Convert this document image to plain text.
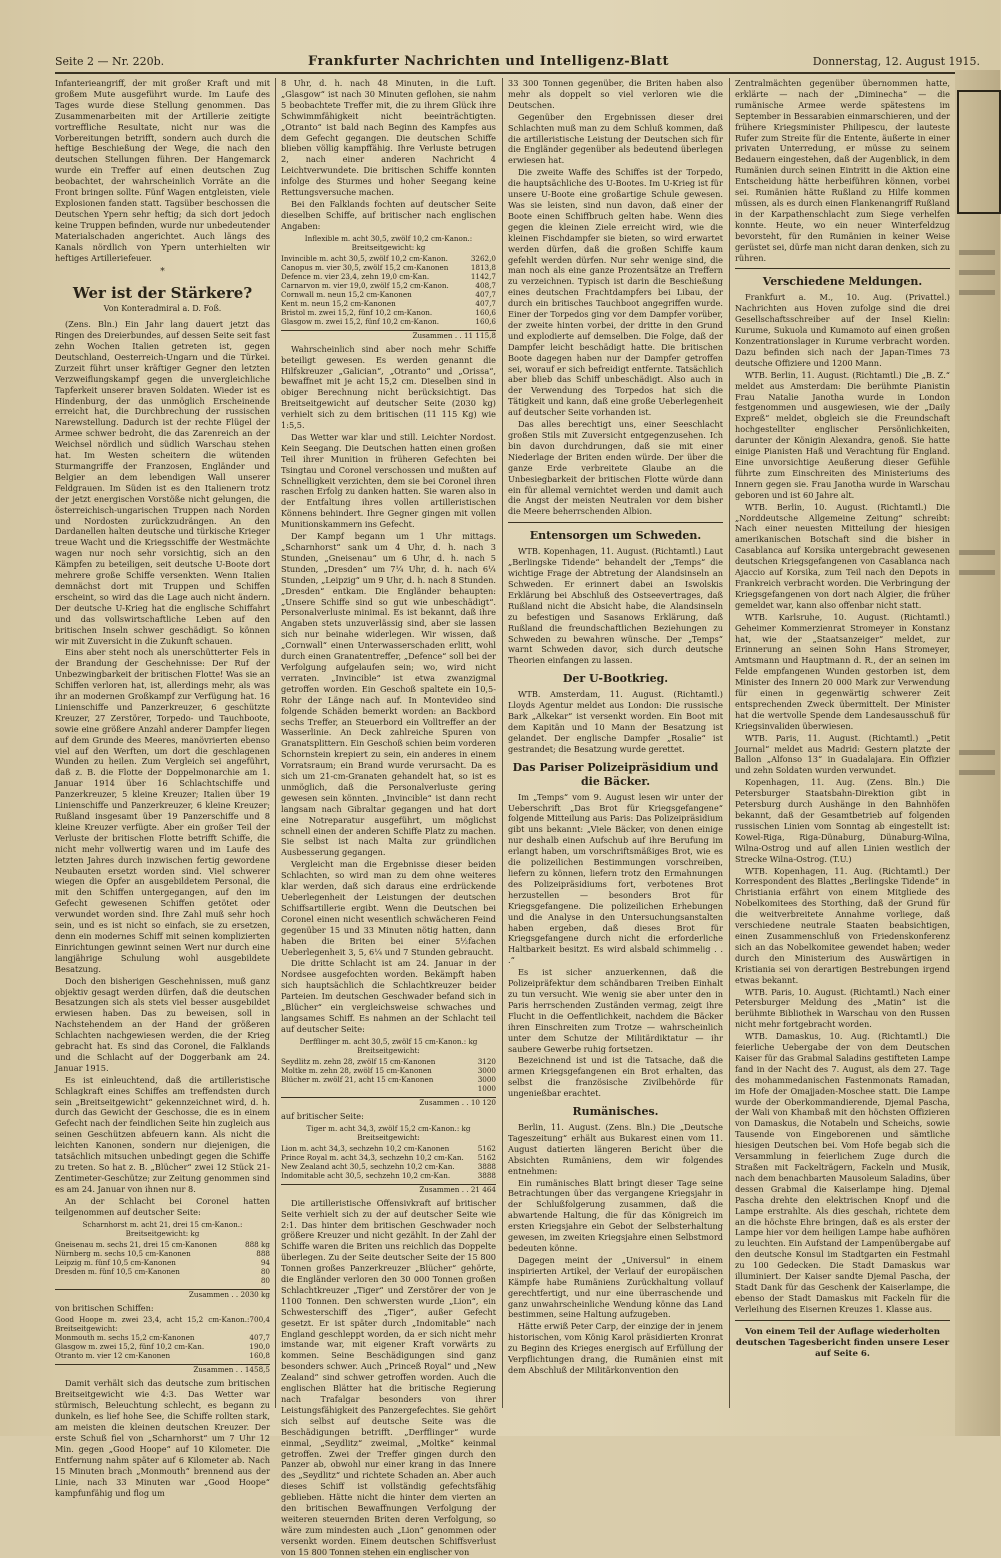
Seite 2 — Nr. 220b.	Frankfurter Nachrichten und Intelligenz-Blatt	Donnerstag, 12. August 1915.

Infanterieangriff, der mit großer Kraft und mit großem Mute ausgeführt wurde. Im Laufe des Tages wurde diese Stellung genommen. Das Zusammenarbeiten mit der Artillerie zeitigte vortreffliche Resultate, nicht nur was die Vorbereitungen betrifft, sondern auch durch die heftige Beschießung der Wege, die nach den deutschen Stellungen führen. Der Hangemarck wurde ein Treffer auf einen deutschen Zug beobachtet, der wahrscheinlich Vorräte an die Front bringen sollte. Fünf Wagen entgleisten, viele Explosionen fanden statt. Tagsüber beschossen die Deutschen Ypern sehr heftig; da sich dort jedoch keine Truppen befinden, wurde nur unbedeutender Materialschaden angerichtet. Auch längs des Kanals nördlich von Ypern unterhielten wir heftiges Artilleriefeuer.

*
Wer ist der Stärkere?
Von Konteradmiral a. D. Foß.

(Zens. Bln.) Ein Jahr lang dauert jetzt das Ringen des Dreierbundes, auf dessen Seite seit fast zehn Wochen Italien getreten ist, gegen Deutschland, Oesterreich-Ungarn und die Türkei. Zurzeit führt unser kräftiger Gegner den letzten Verzweiflungskampf gegen die unvergleichliche Tapferkeit unserer braven Soldaten. Wieder ist es Hindenburg, der das unmöglich Erscheinende erreicht hat, die Durchbrechung der russischen Narewstellung. Dadurch ist der rechte Flügel der Armee schwer bedroht, die das Zarenreich an der Weichsel nördlich und südlich Warschau stehen hat. Im Westen scheitern die wütenden Sturmangriffe der Franzosen, Engländer und Belgier an dem lebendigen Wall unserer Feldgrauen. Im Süden ist es den Italienern trotz der jetzt energischen Vorstöße nicht gelungen, die österreichisch-ungarischen Truppen nach Norden und Nordosten zurückzudrängen. An den Dardanellen halten deutsche und türkische Krieger treue Wacht und die Kriegsschiffe der Westmächte wagen nur noch sehr vorsichtig, sich an den Kämpfen zu beteiligen, seit deutsche U-Boote dort mehrere große Schiffe versenkten. Wenn Italien demnächst dort mit Truppen und Schiffen erscheint, so wird das die Lage auch nicht ändern. Der deutsche U-Krieg hat die englische Schiffahrt und das vollswirtschaftliche Leben auf den britischen Inseln schwer geschädigt. So können wir mit Zuversicht in die Zukunft schauen.

Eins aber steht noch als unerschütterter Fels in der Brandung der Geschehnisse: Der Ruf der Unbezwingbarkeit der britischen Flotte! Was sie an Schiffen verloren hat, ist, allerdings mehr, als was ihr an modernen Großkampf zur Verfügung hat. 16 Linienschiffe und Panzerkreuzer, 6 geschützte Kreuzer, 27 Zerstörer, Torpedo- und Tauchboote, sowie eine größere Anzahl anderer Dampfer liegen auf dem Grunde des Meeres, manövrierten ebenso viel auf den Werften, um dort die geschlagenen Wunden zu heilen. Zum Vergleich sei angeführt, daß z. B. die Flotte der Doppelmonarchie am 1. Januar 1914 über 16 Schlachtschiffe und Panzerkreuzer, 5 kleine Kreuzer; Italien über 19 Linienschiffe und Panzerkreuzer, 6 kleine Kreuzer; Rußland insgesamt über 19 Panzerschiffe und 8 kleine Kreuzer verfügte. Aber ein großer Teil der Verluste der britischen Flotte betrifft Schiffe, die nicht mehr vollwertig waren und im Laufe des letzten Jahres durch inzwischen fertig gewordene Neubauten ersetzt worden sind. Viel schwerer wiegen die Opfer an ausgebildetem Personal, die mit den Schiffen untergegangen, auf den im Gefecht gewesenen Schiffen getötet oder verwundet worden sind. Ihre Zahl muß sehr hoch sein, und es ist nicht so einfach, sie zu ersetzen, denn ein modernes Schiff mit seinen komplizierten Einrichtungen gewinnt seinen Wert nur durch eine langjährige Schulung wohl ausgebildete Besatzung.

Doch den bisherigen Geschehnissen, muß ganz objektiv gesagt werden dürfen, daß die deutschen Besatzungen sich als stets viel besser ausgebildet erwiesen haben. Das zu beweisen, soll in Nachstehendem an der Hand der größeren Schlachten nachgewiesen werden, die der Krieg gebracht hat. Es sind das Coronel, die Falklands und die Schlacht auf der Doggerbank am 24. Januar 1915.

Es ist einleuchtend, daß die artilleristische Schlagkraft eines Schiffes am treffendsten durch sein „Breitseitgewicht“ gekennzeichnet wird, d. h. durch das Gewicht der Geschosse, die es in einem Gefecht nach der feindlichen Seite hin zugleich aus seinen Geschützen abfeuern kann. Als nicht die leichten Kanonen, sondern nur diejenigen, die tatsächlich mitsuchen unbedingt gegen die Schiffe zu treten. So hat z. B. „Blücher“ zwei 12 Stück 21-Zentimeter-Geschütze; zur Zeitung genommen sind es am 24. Januar von ihnen nur 8.

An der Schlacht bei Coronel hatten teilgenommen auf deutscher Seite:

Scharnhorst m. acht 21, drei 15 cm-Kanon.: Breitseitgewicht: kg
Gneisenau m. sechs 21, drei 15 cm-Kanonen	888 kg
Nürnberg m. sechs 10,5 cm-Kanonen	888
Leipzig m. fünf 10,5 cm-Kanonen	94
Dresden m. fünf 10,5 cm-Kanonen	80
	80
Zusammen . . 2030 kg

von britischen Schiffen:

Good Hoope m. zwei 23,4, acht 15,2 cm-Kanon.: Breitseitgewicht:	700,4
Monmouth m. sechs 15,2 cm-Kanonen	407,7
Glasgow m. zwei 15,2, fünf 10,2 cm-Kan.	190,0
Otranto m. vier 12 cm-Kanonen	160,8
Zusammen . . 1458,5

Damit verhält sich das deutsche zum britischen Breitseitgewicht wie 4:3. Das Wetter war stürmisch, Beleuchtung schlecht, es begann zu dunkeln, es lief hohe See, die Schiffe rollten stark, am meisten die kleinen deutschen Kreuzer. Der erste Schuß fiel von „Scharnhorst“ um 7 Uhr 12 Min. gegen „Good Hoope“ auf 10 Kilometer. Die Entfernung nahm später auf 6 Kilometer ab. Nach 15 Minuten brach „Monmouth“ brennend aus der Linie, nach 33 Minuten war „Good Hoope“ kampfunfähig und flog um

8 Uhr, d. h. nach 48 Minuten, in die Luft. „Glasgow“ ist nach 30 Minuten geflohen, sie nahm 5 beobachtete Treffer mit, die zu ihrem Glück ihre Schwimmfähigkeit nicht beeinträchtigten. „Otranto“ ist bald nach Beginn des Kampfes aus dem Gefecht gegangen. Die deutschen Schiffe blieben völlig kampffähig. Ihre Verluste betrugen 2, nach einer anderen Nachricht 4 Leichtverwundete. Die britischen Schiffe konnten infolge des Sturmes und hoher Seegang keine Rettungsversuche machen.

Bei den Falklands fochten auf deutscher Seite dieselben Schiffe, auf britischer nach englischen Angaben:

Inflexible m. acht 30,5, zwölf 10,2 cm-Kanon.: Breitseitgewicht: kg
Invincible m. acht 30,5, zwölf 10,2 cm-Kanon.	3262,0
Canopus m. vier 30,5, zwölf 15,2 cm-Kanonen	1813,8
Defence m. vier 23,4, zehn 19,0 cm-Kan.	1142,7
Carnarvon m. vier 19,0, zwölf 15,2 cm-Kanon.	408,7
Cornwall m. neun 15,2 cm-Kanonen	407,7
Kent m. neun 15,2 cm-Kanonen	407,7
Bristol m. zwei 15,2, fünf 10,2 cm-Kanon.	160,6
Glasgow m. zwei 15,2, fünf 10,2 cm-Kanon.	160,6
Zusammen . . 11 115,8

Wahrscheinlich sind aber noch mehr Schiffe beteiligt gewesen. Es werden genannt die Hilfskreuzer „Galician“, „Otranto“ und „Orissa“, bewaffnet mit je acht 15,2 cm. Dieselben sind in obiger Berechnung nicht berücksichtigt. Das Breitseitgewicht auf deutscher Seite (2030 kg) verhielt sich zu dem britischen (11 115 Kg) wie 1:5,5.

Das Wetter war klar und still. Leichter Nordost. Kein Seegang. Die Deutschen hatten einen großen Teil ihrer Munition in früheren Gefechten bei Tsingtau und Coronel verschossen und mußten auf Schnelligkeit verzichten, dem sie bei Coronel ihren raschen Erfolg zu danken hatten. Sie waren also in der Entfaltung ihres vollen artilleristischen Könnens behindert. Ihre Gegner gingen mit vollen Munitionskammern ins Gefecht.

Der Kampf begann um 1 Uhr mittags. „Scharnhorst“ sank um 4 Uhr, d. h. nach 3 Stunden, „Gneisenau“ um 6 Uhr, d. h. nach 5 Stunden, „Dresden“ um 7¼ Uhr, d. h. nach 6¼ Stunden, „Leipzig“ um 9 Uhr, d. h. nach 8 Stunden. „Dresden“ entkam. Die Engländer behaupten: „Unsere Schiffe sind so gut wie unbeschädigt“. Personalverluste minimal. Es ist bekannt, daß ihre Angaben stets unzuverlässig sind, aber sie lassen sich nur beinahe widerlegen. Wir wissen, daß „Cornwall“ einen Unterwasserschaden erlitt, wohl durch einen Granatentreffer, „Defence“ soll bei der Verfolgung aufgelaufen sein; wo, wird nicht verraten. „Invincible“ ist etwa zwanzigmal getroffen worden. Ein Geschoß spaltete ein 10,5-Rohr der Länge nach auf. In Montevideo sind folgende Schäden bemerkt worden: an Backbord sechs Treffer, an Steuerbord ein Volltreffer an der Wasserlinie. An Deck zahlreiche Spuren von Granatsplittern. Ein Geschoß schien beim vorderen Schornstein krepiert zu sein, ein anderes in einem Vorratsraum; ein Brand wurde verursacht. Da es sich um 21-cm-Granaten gehandelt hat, so ist es unmöglich, daß die Personalverluste gering gewesen sein könnten. „Invincible“ ist dann recht langsam nach Gibraltar gegangen und hat dort eine Notreparatur ausgeführt, um möglichst schnell einen der anderen Schiffe Platz zu machen. Sie selbst ist nach Malta zur gründlichen Ausbesserung gegangen.

Vergleicht man die Ergebnisse dieser beiden Schlachten, so wird man zu dem ohne weiteres klar werden, daß sich daraus eine erdrückende Ueberlegenheit der Leistungen der deutschen Schiffsartillerie ergibt. Wenn die Deutschen bei Coronel einen nicht wesentlich schwächeren Feind gegenüber 15 und 33 Minuten nötig hatten, dann haben die Briten bei einer 5½fachen Ueberlegenheit 3, 5, 6¼ und 7 Stunden gebraucht.

Die dritte Schlacht ist am 24. Januar in der Nordsee ausgefochten worden. Bekämpft haben sich hauptsächlich die Schlachtkreuzer beider Parteien. Im deutschen Geschwader befand sich in „Blücher“ ein vergleichsweise schwaches und langsames Schiff. Es nahmen an der Schlacht teil auf deutscher Seite:

Derfflinger m. acht 30,5, zwölf 15 cm-Kanon.: kg Breitseitgewicht:
Seydlitz m. zehn 28, zwölf 15 cm-Kanonen	3120
Moltke m. zehn 28, zwölf 15 cm-Kanonen	3000
Blücher m. zwölf 21, acht 15 cm-Kanonen	3000
	1000
Zusammen . . 10 120

auf britischer Seite:

Tiger m. acht 34,3, zwölf 15,2 cm-Kanon.: kg Breitseitgewicht:
Lion m. acht 34,3, sechzehn 10,2 cm-Kanonen	5162
Prince Royal m. acht 34,3, sechzehn 10,2 cm-Kan.	5162
New Zealand acht 30,5, sechzehn 10,2 cm-Kan.	3888
Indomitable acht 30,5, sechzehn 10,2 cm-Kan.	3888
Zusammen . . 21 464

Die artilleristische Offensivkraft auf britischer Seite verhielt sich zu der auf deutscher Seite wie 2:1. Das hinter dem britischen Geschwader noch größere Kreuzer und nicht gezählt. In der Zahl der Schiffe waren die Briten uns reichlich das Doppelte überlegen. Zu der Seite deutscher Seite der 15 800 Tonnen großes Panzerkreuzer „Blücher“ gehörte, die Engländer verloren den 30 000 Tonnen großen Schlachtkreuzer „Tiger“ und Zerstörer der von je 1100 Tonnen. Den schwersten wurde „Lion“, ein Schwesterschiff des „Tiger“, außer Gefecht gesetzt. Er ist später durch „Indomitable“ nach England geschleppt worden, da er sich nicht mehr imstande war, mit eigener Kraft vorwärts zu kommen. Seine Beschädigungen sind ganz besonders schwer. Auch „Princeß Royal“ und „New Zealand“ sind schwer getroffen worden. Auch die englischen Blätter hat die britische Regierung nach Trafalgar besonders von ihrer Leistungsfähigkeit des Panzergefechtes. Sie gehört sich selbst auf deutsche Seite was die Beschädigungen betrifft. „Derfflinger“ wurde einmal, „Seydlitz“ zweimal, „Moltke“ keinmal getroffen. Zwei der Treffer gingen durch den Panzer ab, obwohl nur einer krang in das Innere des „Seydlitz“ und richtete Schaden an. Aber auch dieses Schiff ist vollständig gefechtsfähig geblieben. Hätte nicht die hinter dem vierten an den britischen Bewaffnungen Verfolgung der weiteren steuernden Briten deren Verfolgung, so wäre zum mindesten auch „Lion“ genommen oder versenkt worden. Einem deutschen Schiffsverlust von 15 800 Tonnen stehen ein englischer von

33 300 Tonnen gegenüber, die Briten haben also mehr als doppelt so viel verloren wie die Deutschen.

Gegenüber den Ergebnissen dieser drei Schlachten muß man zu dem Schluß kommen, daß die artilleristische Leistung der Deutschen sich für die Engländer gegenüber als bedeutend überlegen erwiesen hat.

Die zweite Waffe des Schiffes ist der Torpedo, die hauptsächliche des U-Bootes. Im U-Krieg ist für unsere U-Boote eine großartige Schule gewesen. Was sie leisten, sind nun davon, daß einer der Boote einen Schiffbruch gelten habe. Wenn dies gegen die kleinen Ziele erreicht wird, wie die kleinen Fischdampfer sie bieten, so wird erwartet werden dürfen, daß die großen Schiffe kaum gefehlt werden dürfen. Nur sehr wenige sind, die man noch als eine ganze Prozentsätze an Treffern zu verzeichnen. Typisch ist darin die Beschießung eines deutschen Frachtdampfers bei Libau, der durch ein britisches Tauchboot angegriffen wurde. Einer der Torpedos ging vor dem Dampfer vorüber, der zweite hinten vorbei, der dritte in den Grund und explodierte auf demselben. Die Folge, daß der Dampfer leicht beschädigt hatte. Die britischen Boote dagegen haben nur der Dampfer getroffen sei, worauf er sich befreidigt entfernte. Tatsächlich aber blieb das Schiff unbeschädigt. Also auch in der Verwendung des Torpedos hat sich die Tätigkeit und kann, daß eine große Ueberlegenheit auf deutscher Seite vorhanden ist.

Das alles berechtigt uns, einer Seeschlacht großen Stils mit Zuversicht entgegenzusehen. Ich bin davon durchdrungen, daß sie mit einer Niederlage der Briten enden würde. Der über die ganze Erde verbreitete Glaube an die Unbesiegbarkeit der britischen Flotte würde dann ein für allemal vernichtet werden und damit auch die Angst der meisten Neutralen vor dem bisher die Meere beherrschenden Albion.

Entensorgen um Schweden.

WTB. Kopenhagen, 11. August. (Richtamtl.) Laut „Berlingske Tidende“ behandelt der „Temps“ die wichtige Frage der Abtretung der Alandsinseln an Schweden. Er erinnert dabei an Iswolskis Erklärung bei Abschluß des Ostseevertrages, daß Rußland nicht die Absicht habe, die Alandsinseln zu befestigen und Sasanows Erklärung, daß Rußland die freundschaftlichen Beziehungen zu Schweden zu bewahren wünsche. Der „Temps“ warnt Schweden davor, sich durch deutsche Theorien einfangen zu lassen.

Der U-Bootkrieg.

WTB. Amsterdam, 11. August. (Richtamtl.) Lloyds Agentur meldet aus London: Die russische Bark „Alkekar“ ist versenkt worden. Ein Boot mit dem Kapitän und 10 Mann der Besatzung ist gelandet. Der englische Dampfer „Rosalie“ ist gestrandet; die Besatzung wurde gerettet.

Das Pariser Polizeipräsidium und die Bäcker.

Im „Temps“ vom 9. August lesen wir unter der Ueberschrift „Das Brot für Kriegsgefangene“ folgende Mitteilung aus Paris: Das Polizeipräsidium gibt uns bekannt: „Viele Bäcker, von denen einige nur deshalb einen Aufschub auf ihre Berufung im erlangt haben, um vorschriftsmäßiges Brot, wie es die polizeilichen Bestimmungen vorschreiben, liefern zu können, liefern trotz den Ermahnungen des Polizeipräsidiums fort, verbotenes Brot herzustellen — besonders Brot für Kriegsgefangene. Die polizeilichen Erhebungen und die Analyse in den Untersuchungsanstalten haben ergeben, daß dieses Brot für Kriegsgefangene durch nicht die erforderliche Haltbarkeit besitzt. Es wird alsbald schimmelig . . .“

Es ist sicher anzuerkennen, daß die Polizeipräfektur dem schändbaren Treiben Einhalt zu tun versucht. Wie wenig sie aber unter den in Paris herrschenden Zuständen vermag, zeigt ihre Flucht in die Oeffentlichkeit, nachdem die Bäcker ihren Einschreiten zum Trotze — wahrscheinlich unter dem Schutze der Militärdiktatur — ihr saubere Gewerbe ruhig fortsetzen.

Bezeichnend ist und ist die Tatsache, daß die armen Kriegsgefangenen ein Brot erhalten, das selbst die französische Zivilbehörde für ungenießbar erachtet.

Rumänisches.

Berlin, 11. August. (Zens. Bln.) Die „Deutsche Tageszeitung“ erhält aus Bukarest einen vom 11. August datierten längeren Bericht über die Absichten Rumäniens, dem wir folgendes entnehmen:

Ein rumänisches Blatt bringt dieser Tage seine Betrachtungen über das vergangene Kriegsjahr in der Schlußfolgerung zusammen, daß die abwartende Haltung, die für das Königreich im ersten Kriegsjahre ein Gebot der Selbsterhaltung gewesen, im zweiten Kriegsjahre einen Selbstmord bedeuten könne.

Dagegen meint der „Universul“ in einem inspirierten Artikel, der Verlauf der europäischen Kämpfe habe Rumäniens Zurückhaltung vollauf gerechtfertigt, und nur eine überraschende und ganz unwahrscheinliche Wendung könne das Land bestimmen, seine Haltung aufzugeben.

Hätte erwiß Peter Carp, der einzige der in jenem historischen, vom König Karol präsidierten Kronrat zu Beginn des Krieges energisch auf Erfüllung der Verpflichtungen drang, die Rumänien einst mit dem Abschluß der Militärkonvention den

Zentralmächten gegenüber übernommen hatte, erklärte — nach der „Diminecha“ — die rumänische Armee werde spätestens im September in Bessarabien einmarschieren, und der frühere Kriegsminister Philipescu, der lauteste Rufer zum Streite für die Entente, äußerte in einer privaten Unterredung, er müsse zu seinem Bedauern eingestehen, daß der Augenblick, in dem Rumänien durch seinen Eintritt in die Aktion eine Entscheidung hätte herbeiführen können, vorbei sei. Rumänien hätte Rußland zu Hilfe kommen müssen, als es durch einen Flankenangriff Rußland in der Karpathenschlacht zum Siege verhelfen konnte. Heute, wo ein neuer Winterfeldzug bevorsteht, für den Rumänien in keiner Weise gerüstet sei, dürfe man nicht daran denken, sich zu rühren.

Verschiedene Meldungen.

Frankfurt a. M., 10. Aug. (Privattel.) Nachrichten aus Hoven zufolge sind die drei Gesellschaftsschreiber auf der Insel Kielin: Kurume, Sukuola und Kumamoto auf einen großen Konzentrationslager in Kurume verbracht worden. Dazu befinden sich nach der Japan-Times 73 deutsche Offiziere und 1200 Mann.

WTB. Berlin, 11. August. (Richtamtl.) Die „B. Z.“ meldet aus Amsterdam: Die berühmte Pianistin Frau Natalie Janotha wurde in London festgenommen und ausgewiesen, wie der „Daily Expreß“ meldet, obgleich sie die Freundschaft hochgestellter englischer Persönlichkeiten, darunter der Königin Alexandra, genoß. Sie hatte einige Pianisten Haß und Verachtung für England. Eine unvorsichtige Aeußerung dieser Gefühle führte zum Einschreiten des Ministeriums des Innern gegen sie. Frau Janotha wurde in Warschau geboren und ist 60 Jahre alt.

WTB. Berlin, 10. August. (Richtamtl.) Die „Norddeutsche Allgemeine Zeitung“ schreibt: Nach einer neuesten Mitteilung der hiesigen amerikanischen Botschaft sind die bisher in Casablanca auf Korsika untergebracht gewesenen deutschen Kriegsgefangenen von Casablanca nach Ajaccio auf Korsika, zum Teil nach den Depots in Frankreich verbracht worden. Die Verbringung der Kriegsgefangenen von dort nach Algier, die früher gemeldet war, kann also offenbar nicht statt.

WTB. Karlsruhe, 10. August. (Richtamtl.) Geheimer Kommerzienrat Stromeyer in Konstanz hat, wie der „Staatsanzeiger“ meldet, zur Erinnerung an seinen Sohn Hans Stromeyer, Amtsmann und Hauptmann d. R., der an seinen im Felde empfangenen Wunden gestorben ist, dem Minister des Innern 20 000 Mark zur Verwendung für einen in gegenwärtig schwerer Zeit entsprechenden Zweck übermittelt. Der Minister hat die wertvolle Spende dem Landesausschuß für Kriegsinvaliden überwiesen.

WTB. Paris, 11. August. (Richtamtl.) „Petit Journal“ meldet aus Madrid: Gestern platzte der Ballon „Alfonso 13“ in Guadalajara. Ein Offizier und zehn Soldaten wurden verwundet.

Kopenhagen, 11. Aug. (Zens. Bln.) Die Petersburger Staatsbahn-Direktion gibt in Petersburg durch Aushänge in den Bahnhöfen bekannt, daß der Gesamtbetrieb auf folgenden russischen Linien vom Sonntag ab eingestellt ist: Kowel-Riga, Riga-Dünaburg, Dünaburg-Wilna, Wilna-Ostrog und auf allen Linien westlich der Strecke Wilna-Ostrog. (T.U.)

WTB. Kopenhagen, 11. Aug. (Richtamtl.) Der Korrespondent des Blattes „Berlingske Tidende“ in Christiania erfährt von einem Mitgliede des Nobelkomitees des Storthing, daß der Grund für die weitverbreitete Annahme vorliege, daß verschiedene neutrale Staaten beabsichtigen, einen Zusammenschluß von Friedenskonferenz sich an das Nobelkomitee gewendet haben; weder durch den Ministerium des Auswärtigen in Kristiania sei von derartigen Bestrebungen irgend etwas bekannt.

WTB. Paris, 10. August. (Richtamtl.) Nach einer Petersburger Meldung des „Matin“ ist die berühmte Bibliothek in Warschau von den Russen nicht mehr fortgebracht worden.

WTB. Damaskus, 10. Aug. (Richtamtl.) Die feierliche Uebergabe der von dem Deutschen Kaiser für das Grabmal Saladins gestifteten Lampe fand in der Nacht des 7. August, als dem 27. Tage des mohammedanischen Fastenmonats Ramadan, im Hofe der Omajjaden-Moschee statt. Die Lampe wurde der Oberkommandierende, Djemal Pascha, der Wali von Khambaß mit den höchsten Offizieren von Damaskus, die Notabeln und Scheichs, sowie Tausende von Eingeborenen und sämtliche hiesigen Deutschen bei. Vom Hofe begab sich die Versammlung in feierlichem Zuge durch die Straßen mit Fackelträgern, Fackeln und Musik, nach dem benachbarten Mausoleum Saladins, über dessen Grabmal die Kaiserlampe hing. Djemal Pascha drehte den elektrischen Knopf und die Lampe erstrahlte. Als dies geschah, richtete dem an die höchste Ehre bringen, daß es als erster der Lampe hier vor dem heiligen Lampe habe aufhören zu leuchten. Ein Aufstand der Lampenübergabe auf den deutsche Konsul im Stadtgarten ein Festmahl zu 100 Gedecken. Die Stadt Damaskus war illuminiert. Der Kaiser sandte Djemal Pascha, der Stadt Dank für das Geschenk der Kaiserlampe, die ebenso der Stadt Damaskus mit Fackeln für die Verleihung des Eisernen Kreuzes 1. Klasse aus.

Von einem Teil der Auflage wiederholten deutschen Tagesbericht finden unsere Leser auf Seite 6.
